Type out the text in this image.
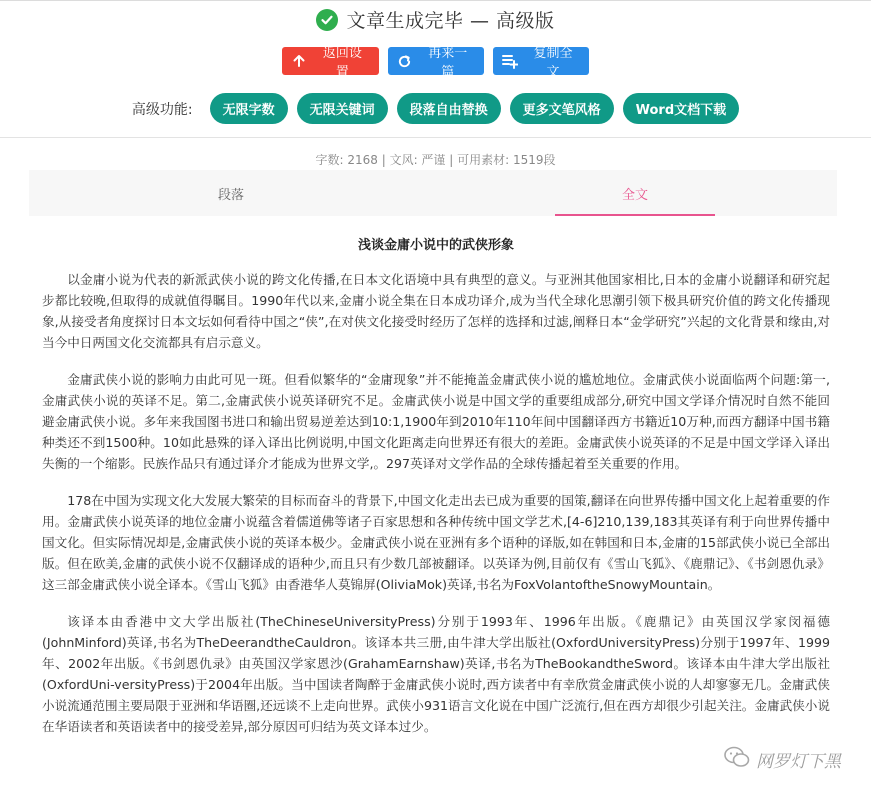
文章生成完毕 — 高级版
返回设置
再来一篇
复制全文
高级功能:	无限字数	无限关键词	段落自由替换	更多文笔风格	Word文档下载
字数: 2168 | 文风: 严谨 | 可用素材: 1519段
段落	全文
浅谈金庸小说中的武侠形象

以金庸小说为代表的新派武侠小说的跨文化传播,在日本文化语境中具有典型的意义。与亚洲其他国家相比,日本的金庸小说翻译和研究起步都比较晚,但取得的成就值得瞩目。1990年代以来,金庸小说全集在日本成功译介,成为当代全球化思潮引领下极具研究价值的跨文化传播现象,从接受者角度探讨日本文坛如何看待中国之“侠”,在对侠文化接受时经历了怎样的选择和过滤,阐释日本“金学研究”兴起的文化背景和缘由,对当今中日两国文化交流都具有启示意义。

金庸武侠小说的影响力由此可见一斑。但看似繁华的“金庸现象”并不能掩盖金庸武侠小说的尴尬地位。金庸武侠小说面临两个问题:第一,金庸武侠小说的英译不足。第二,金庸武侠小说英译研究不足。金庸武侠小说是中国文学的重要组成部分,研究中国文学译介情况时自然不能回避金庸武侠小说。多年来我国图书进口和输出贸易逆差达到10:1,1900年到2010年110年间中国翻译西方书籍近10万种,而西方翻译中国书籍种类还不到1500种。10如此悬殊的译入译出比例说明,中国文化距离走向世界还有很大的差距。金庸武侠小说英译的不足是中国文学译入译出失衡的一个缩影。民族作品只有通过译介才能成为世界文学,。297英译对文学作品的全球传播起着至关重要的作用。

178在中国为实现文化大发展大繁荣的目标而奋斗的背景下,中国文化走出去已成为重要的国策,翻译在向世界传播中国文化上起着重要的作用。金庸武侠小说英译的地位金庸小说蕴含着儒道佛等诸子百家思想和各种传统中国文学艺术,[4-6]210,139,183其英译有利于向世界传播中国文化。但实际情况却是,金庸武侠小说的英译本极少。金庸武侠小说在亚洲有多个语种的译版,如在韩国和日本,金庸的15部武侠小说已全部出版。但在欧美,金庸的武侠小说不仅翻译成的语种少,而且只有少数几部被翻译。以英译为例,目前仅有《雪山飞狐》、《鹿鼎记》、《书剑恩仇录》这三部金庸武侠小说全译本。《雪山飞狐》由香港华人莫锦屏(OliviaMok)英译,书名为FoxVolantoftheSnowyMountain。

该译本由香港中文大学出版社(TheChineseUniversityPress)分别于1993年、1996年出版。《鹿鼎记》由英国汉学家闵福德(JohnMinford)英译,书名为TheDeerandtheCauldron。该译本共三册,由牛津大学出版社(OxfordUniversityPress)分别于1997年、1999年、2002年出版。《书剑恩仇录》由英国汉学家恩沙(GrahamEarnshaw)英译,书名为TheBookandtheSword。该译本由牛津大学出版社(OxfordUni-versityPress)于2004年出版。当中国读者陶醉于金庸武侠小说时,西方读者中有幸欣赏金庸武侠小说的人却寥寥无几。金庸武侠小说流通范围主要局限于亚洲和华语圈,还远谈不上走向世界。武侠小931语言文化说在中国广泛流行,但在西方却很少引起关注。金庸武侠小说在华语读者和英语读者中的接受差异,部分原因可归结为英文译本过少。

网罗灯下黑
